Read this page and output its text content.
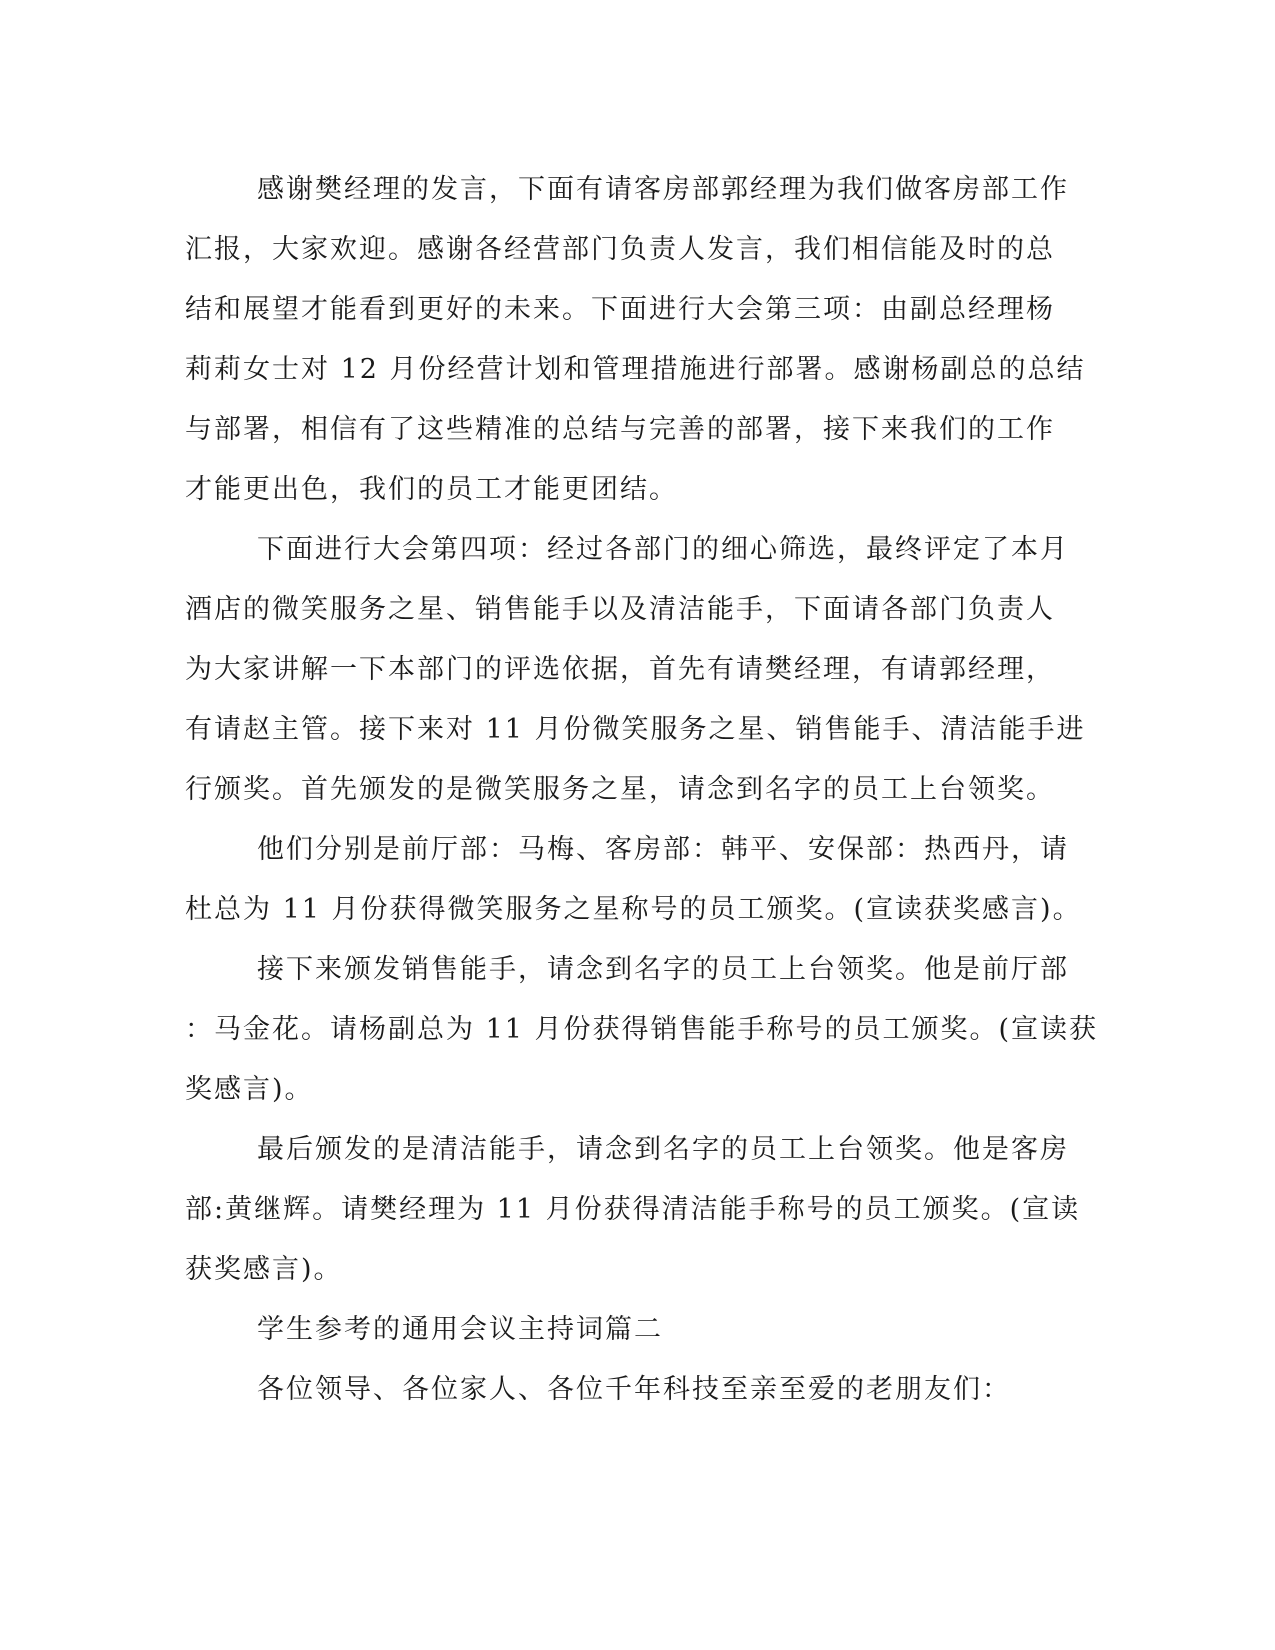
感谢樊经理的发言，下面有请客房部郭经理为我们做客房部工作
汇报，大家欢迎。感谢各经营部门负责人发言，我们相信能及时的总
结和展望才能看到更好的未来。下面进行大会第三项：由副总经理杨
莉莉女士对 12 月份经营计划和管理措施进行部署。感谢杨副总的总结
与部署，相信有了这些精准的总结与完善的部署，接下来我们的工作
才能更出色，我们的员工才能更团结。
下面进行大会第四项：经过各部门的细心筛选，最终评定了本月
酒店的微笑服务之星、销售能手以及清洁能手，下面请各部门负责人
为大家讲解一下本部门的评选依据，首先有请樊经理，有请郭经理，
有请赵主管。接下来对 11 月份微笑服务之星、销售能手、清洁能手进
行颁奖。首先颁发的是微笑服务之星，请念到名字的员工上台领奖。
他们分别是前厅部：马梅、客房部：韩平、安保部：热西丹，请
杜总为 11 月份获得微笑服务之星称号的员工颁奖。(宣读获奖感言)。
接下来颁发销售能手，请念到名字的员工上台领奖。他是前厅部
：马金花。请杨副总为 11 月份获得销售能手称号的员工颁奖。(宣读获
奖感言)。
最后颁发的是清洁能手，请念到名字的员工上台领奖。他是客房
部:黄继辉。请樊经理为 11 月份获得清洁能手称号的员工颁奖。(宣读
获奖感言)。
学生参考的通用会议主持词篇二
各位领导、各位家人、各位千年科技至亲至爱的老朋友们：
